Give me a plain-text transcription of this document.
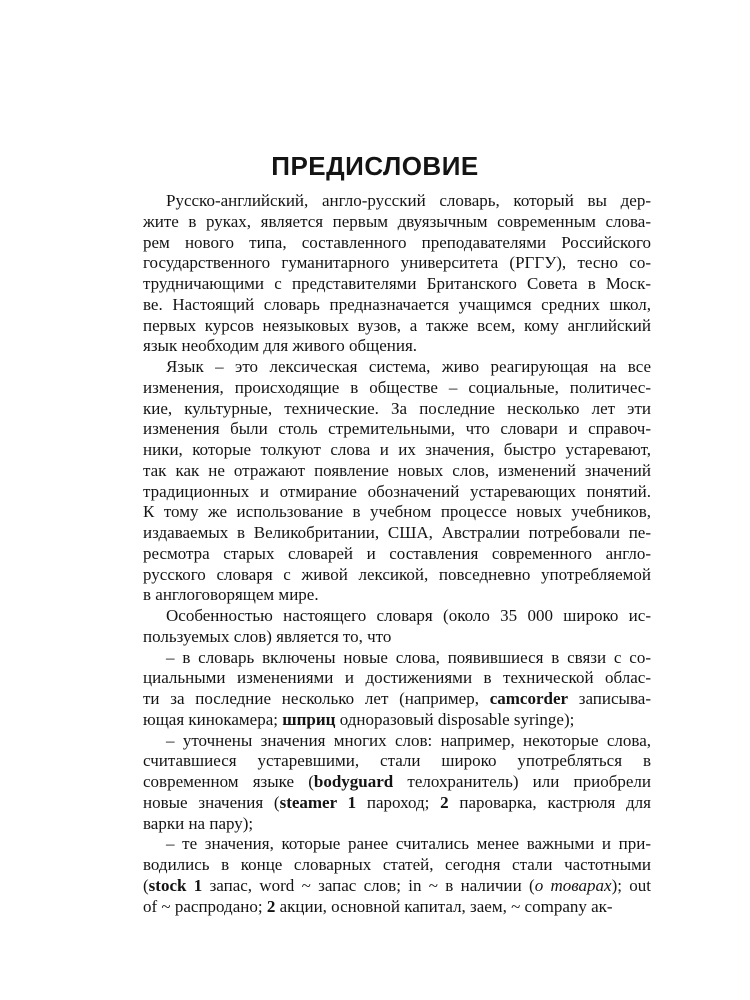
ПРЕДИСЛОВИЕ
Русско-английский, англо-русский словарь, который вы дер-
жите в руках, является первым двуязычным современным слова-
рем нового типа, составленного преподавателями Российского
государственного гуманитарного университета (РГГУ), тесно со-
трудничающими с представителями Британского Совета в Моск-
ве. Настоящий словарь предназначается учащимся средних школ,
первых курсов неязыковых вузов, а также всем, кому английский
язык необходим для живого общения.
Язык – это лексическая система, живо реагирующая на все
изменения, происходящие в обществе – социальные, политичес-
кие, культурные, технические. За последние несколько лет эти
изменения были столь стремительными, что словари и справоч-
ники, которые толкуют слова и их значения, быстро устаревают,
так как не отражают появление новых слов, изменений значений
традиционных и отмирание обозначений устаревающих понятий.
К тому же использование в учебном процессе новых учебников,
издаваемых в Великобритании, США, Австралии потребовали пе-
ресмотра старых словарей и составления современного англо-
русского словаря с живой лексикой, повседневно употребляемой
в англоговорящем мире.
Особенностью настоящего словаря (около 35 000 широко ис-
пользуемых слов) является то, что
– в словарь включены новые слова, появившиеся в связи с со-
циальными изменениями и достижениями в технической облас-
ти за последние несколько лет (например, camcorder записыва-
ющая кинокамера; шприц одноразовый disposable syringe);
– уточнены значения многих слов: например, некоторые слова,
считавшиеся устаревшими, стали широко употребляться в
современном языке (bodyguard телохранитель) или приобрели
новые значения (steamer 1 пароход; 2 пароварка, кастрюля для
варки на пару);
– те значения, которые ранее считались менее важными и при-
водились в конце словарных статей, сегодня стали частотными
(stock 1 запас, word ~ запас слов; in ~ в наличии (о товарах); out
of ~ распродано; 2 акции, основной капитал, заем, ~ company ак-
